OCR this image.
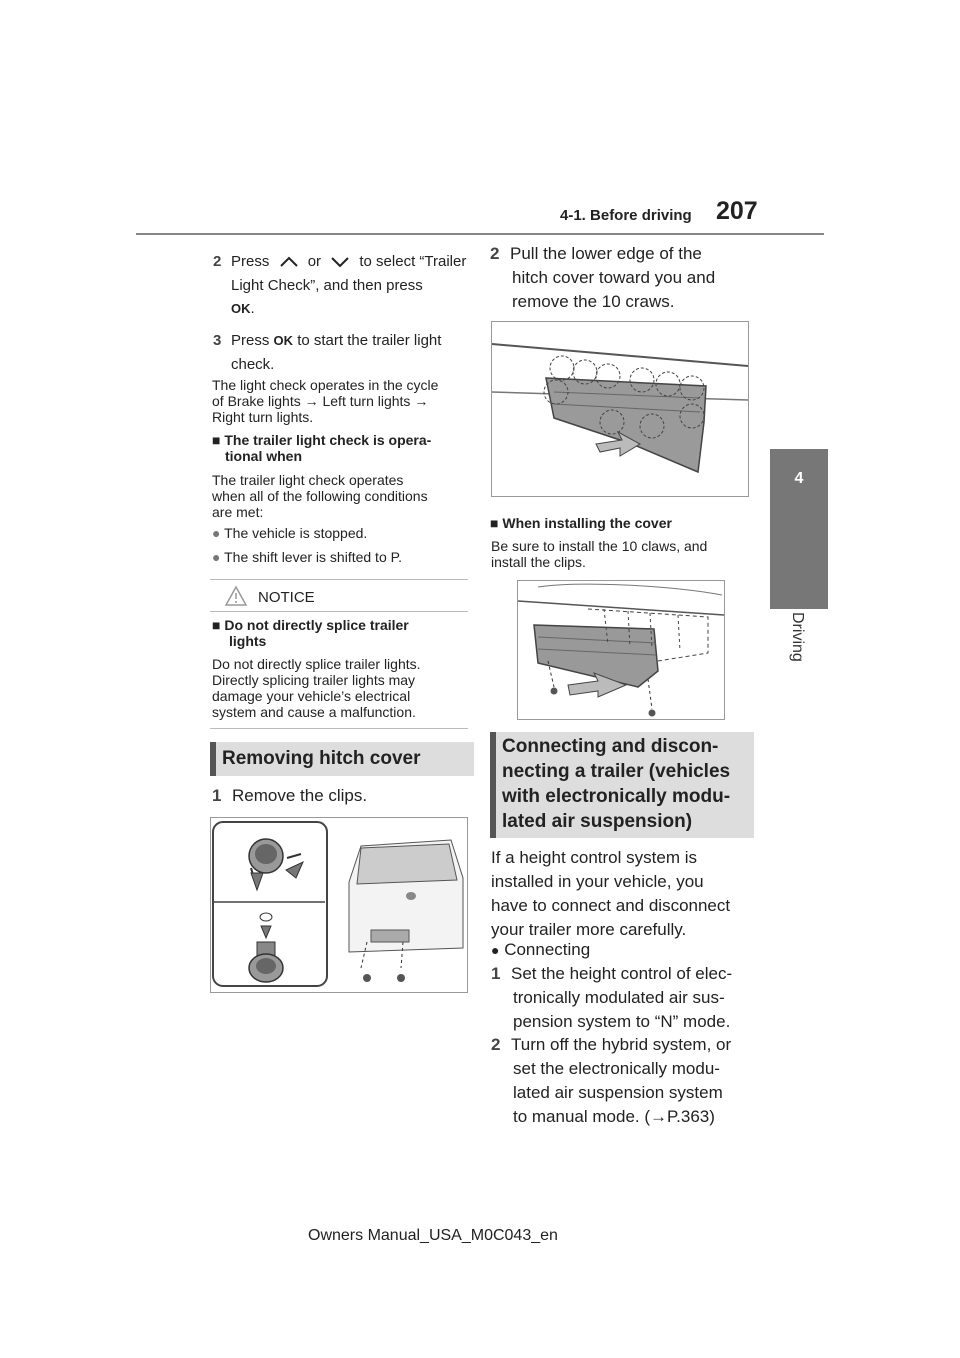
4-1. Before driving 207
4
Driving
2 Press	or	to select “Trailer
Light Check”, and then press
OK.
3 Press OK to start the trailer light
check.
The light check operates in the cycle
of Brake lights → Left turn lights →
Right turn lights.
■ The trailer light check is opera-
tional when
The trailer light check operates
when all of the following conditions
are met:
● The vehicle is stopped.
● The shift lever is shifted to P.
NOTICE
■ Do not directly splice trailer
lights
Do not directly splice trailer lights.
Directly splicing trailer lights may
damage your vehicle’s electrical
system and cause a malfunction.
Removing hitch cover
1 Remove the clips.
2 Pull the lower edge of the
hitch cover toward you and
remove the 10 craws.
■ When installing the cover
Be sure to install the 10 claws, and
install the clips.
Connecting and discon-
necting a trailer (vehicles
with electronically modu-
lated air suspension)
If a height control system is
installed in your vehicle, you
have to connect and disconnect
your trailer more carefully.
● Connecting
1 Set the height control of elec-
tronically modulated air sus-
pension system to “N” mode.
2 Turn off the hybrid system, or
set the electronically modu-
lated air suspension system
to manual mode. (→P.363)
Owners Manual_USA_M0C043_en
